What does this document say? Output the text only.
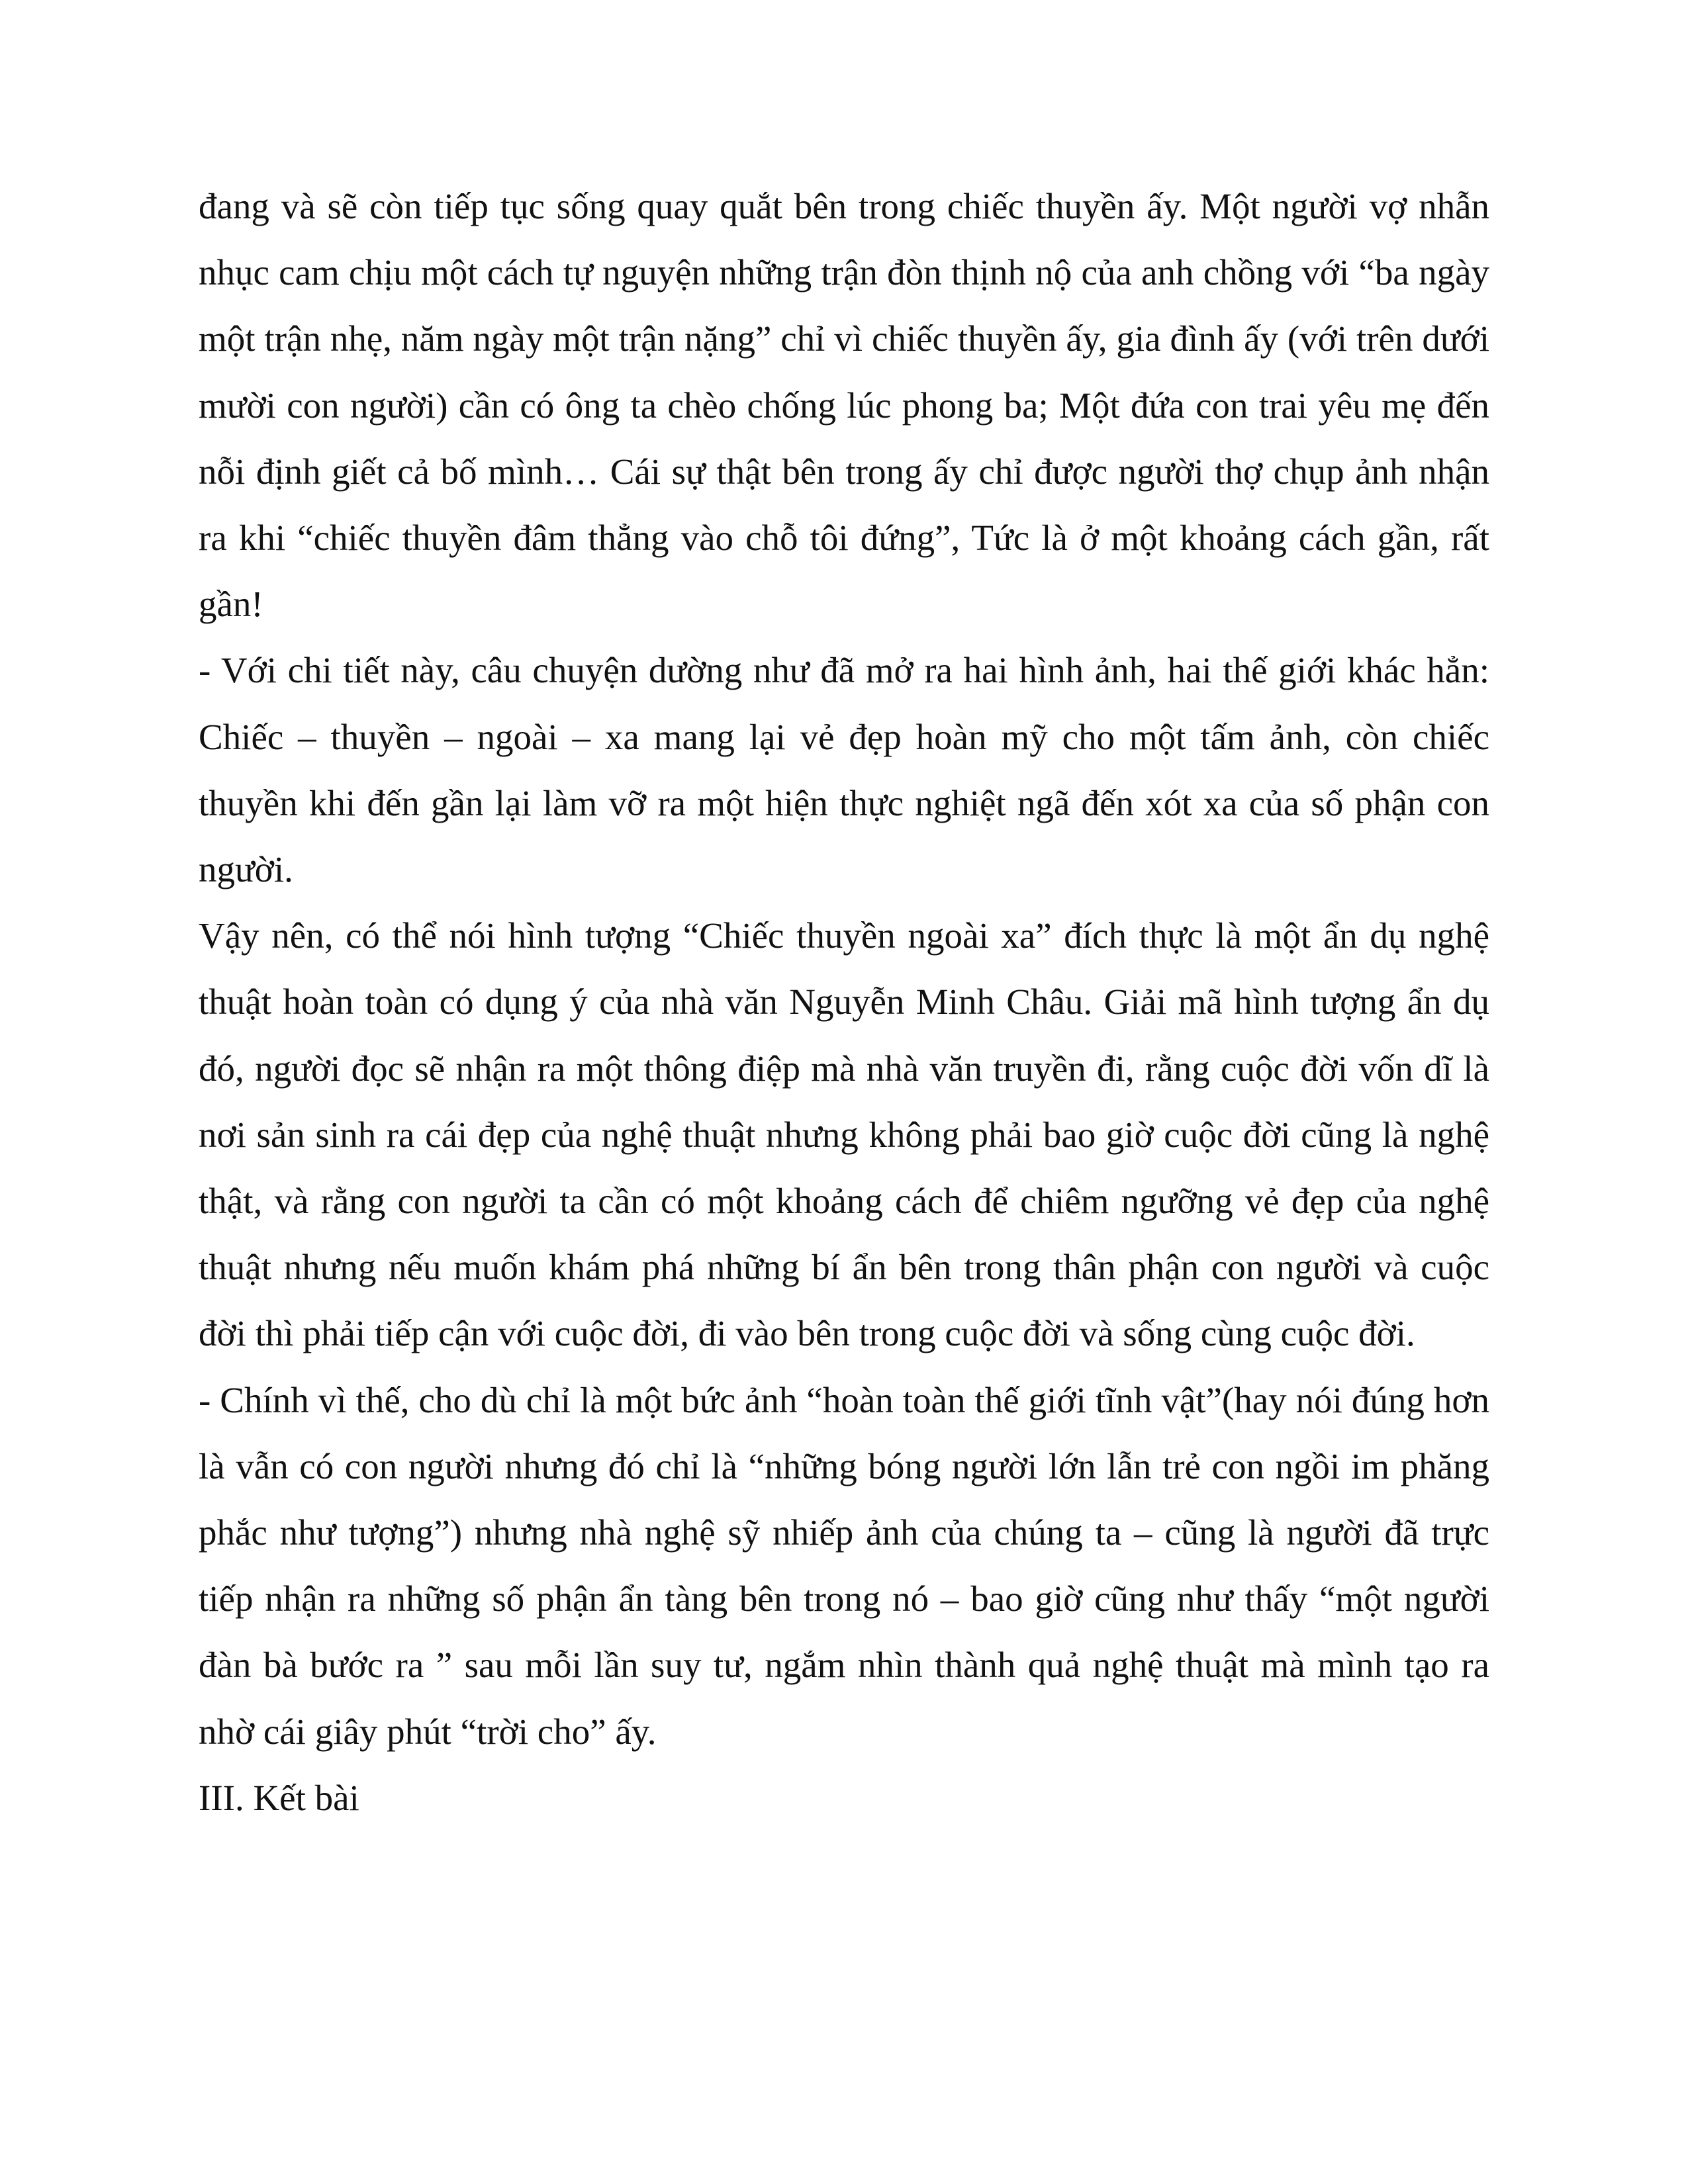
đang và sẽ còn tiếp tục sống quay quắt bên trong chiếc thuyền ấy. Một người vợ nhẫn nhục cam chịu một cách tự nguyện những trận đòn thịnh nộ của anh chồng với “ba ngày một trận nhẹ, năm ngày một trận nặng” chỉ vì chiếc thuyền ấy, gia đình ấy (với trên dưới mười con người) cần có ông ta chèo chống lúc phong ba; Một đứa con trai yêu mẹ đến nỗi định giết cả bố mình… Cái sự thật bên trong ấy chỉ được người thợ chụp ảnh nhận ra khi “chiếc thuyền đâm thẳng vào chỗ tôi đứng”, Tức là ở một khoảng cách gần, rất gần!

- Với chi tiết này, câu chuyện dường như đã mở ra hai hình ảnh, hai thế giới khác hẳn: Chiếc – thuyền – ngoài – xa mang lại vẻ đẹp hoàn mỹ cho một tấm ảnh, còn chiếc thuyền khi đến gần lại làm vỡ ra một hiện thực nghiệt ngã đến xót xa của số phận con người.

Vậy nên, có thể nói hình tượng “Chiếc thuyền ngoài xa” đích thực là một ẩn dụ nghệ thuật hoàn toàn có dụng ý của nhà văn Nguyễn Minh Châu. Giải mã hình tượng ẩn dụ đó, người đọc sẽ nhận ra một thông điệp mà nhà văn truyền đi, rằng cuộc đời vốn dĩ là nơi sản sinh ra cái đẹp của nghệ thuật nhưng không phải bao giờ cuộc đời cũng là nghệ thật, và rằng con người ta cần có một khoảng cách để chiêm ngưỡng vẻ đẹp của nghệ thuật nhưng nếu muốn khám phá những bí ẩn bên trong thân phận con người và cuộc đời thì phải tiếp cận với cuộc đời, đi vào bên trong cuộc đời và sống cùng cuộc đời.

- Chính vì thế, cho dù chỉ là một bức ảnh “hoàn toàn thế giới tĩnh vật”(hay nói đúng hơn là vẫn có con người nhưng đó chỉ là “những bóng người lớn lẫn trẻ con ngồi im phăng phắc như tượng”) nhưng nhà nghệ sỹ nhiếp ảnh của chúng ta – cũng là người đã trực tiếp nhận ra những số phận ẩn tàng bên trong nó – bao giờ cũng như thấy “một người đàn bà bước ra ” sau mỗi lần suy tư, ngắm nhìn thành quả nghệ thuật mà mình tạo ra nhờ cái giây phút “trời cho” ấy.

III. Kết bài
